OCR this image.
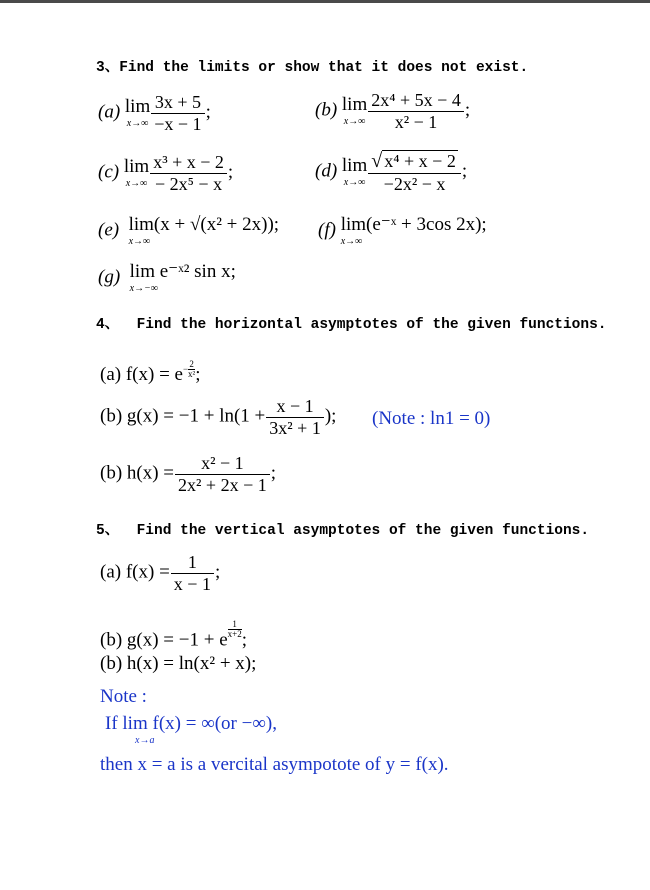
3、Find the limits or show that it does not exist.
(a) lim
$x\to\infty \frac{3x + 5}{-x - 1}$ ;	(b) lim
$x\to\infty \frac{\text{2x⁴ + 5x − 4}}{\text{x² − 1}}$ ;
(c) lim
$x\to\infty \frac{\text{x³ + x − 2}}{\text{− 2x⁵ − x}}$ ;	(d) lim
$x\to\infty \frac{\text{√ x⁴ + x − 2}}{\text{−2x² − x}}$ ;
(e) lim(x + √(x² + 2x));
x→∞
(f) lim(e⁻ˣ + 3cos 2x);
x→∞
(g) lim e⁻ˣ² sin x;
x→−∞
4、  Find the horizontal asymptotes of the given functions.
(a) $f(x) = e- \frac{2}{\text{x²}}$ ;
(b) $g(x) = -1 + \ln(1 + \frac{x - 1}{\text{3x² + 1}}$ ); (Note : ln1 = 0)
(b) $h(x) = \frac{\text{x² − 1}}{\text{2x² + 2x − 1}}$ ;
5、  Find the vertical asymptotes of the given functions.
(a) $f(x) = \frac{1}{x - 1}$ ;
(b) g(x) = −1 + e $\frac{1}{x+2}$ ;
(b) h(x) = ln(x² + x);
Note :
If lim f(x) = ∞(or −∞),
x→a
then x = a is a vercital asympotote of y = f(x).
